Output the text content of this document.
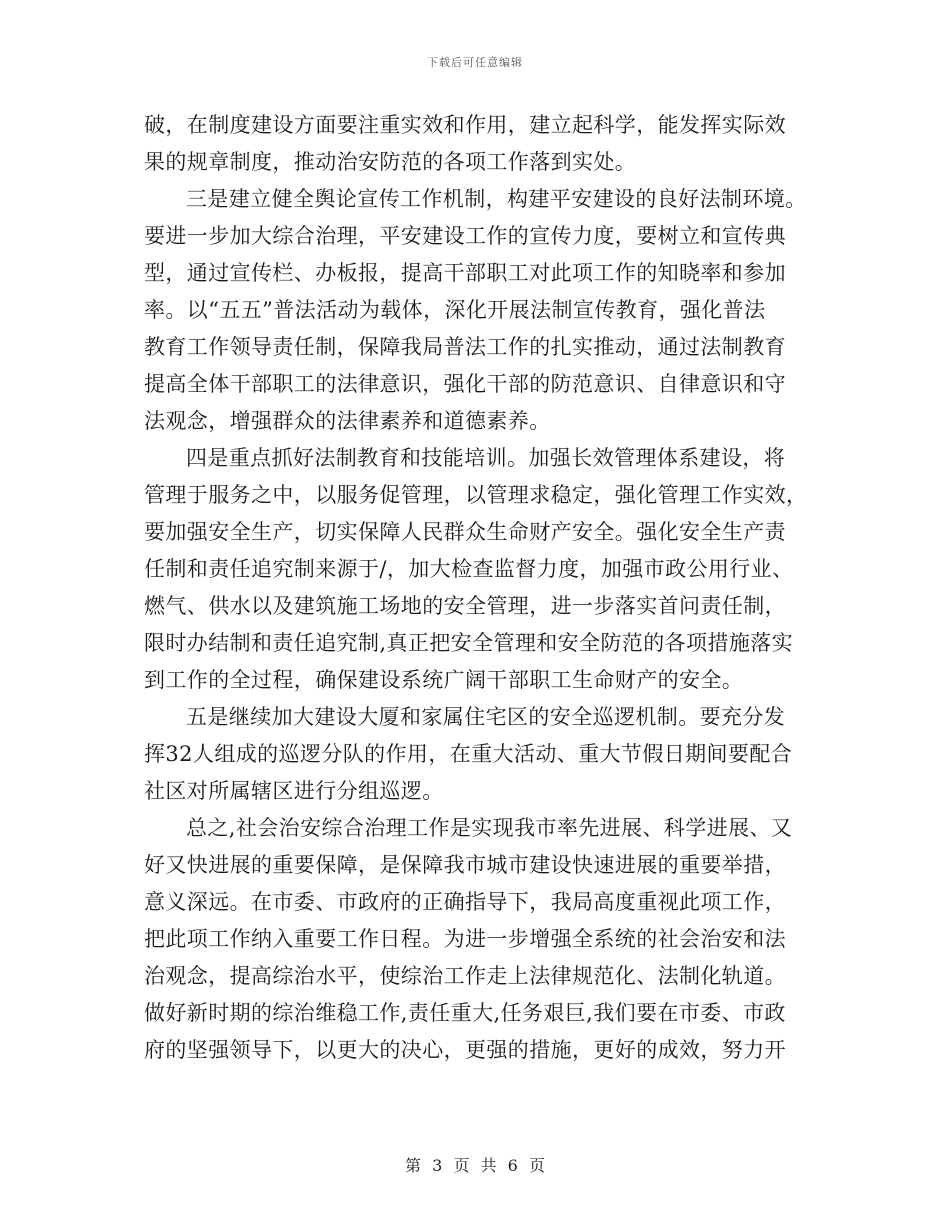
下载后可任意编辑
破，在制度建设方面要注重实效和作用，建立起科学，能发挥实际效
果的规章制度，推动治安防范的各项工作落到实处。
三是建立健全舆论宣传工作机制，构建平安建设的良好法制环境。
要进一步加大综合治理，平安建设工作的宣传力度，要树立和宣传典
型，通过宣传栏、办板报，提高干部职工对此项工作的知晓率和参加
率。以“五五”普法活动为载体，深化开展法制宣传教育，强化普法
教育工作领导责任制，保障我局普法工作的扎实推动，通过法制教育
提高全体干部职工的法律意识，强化干部的防范意识、自律意识和守
法观念，增强群众的法律素养和道德素养。
四是重点抓好法制教育和技能培训。加强长效管理体系建设，将
管理于服务之中，以服务促管理，以管理求稳定，强化管理工作实效，
要加强安全生产，切实保障人民群众生命财产安全。强化安全生产责
任制和责任追究制来源于/，加大检查监督力度，加强市政公用行业、
燃气、供水以及建筑施工场地的安全管理，进一步落实首问责任制，
限时办结制和责任追究制,真正把安全管理和安全防范的各项措施落实
到工作的全过程，确保建设系统广阔干部职工生命财产的安全。
五是继续加大建设大厦和家属住宅区的安全巡逻机制。要充分发
挥32人组成的巡逻分队的作用，在重大活动、重大节假日期间要配合
社区对所属辖区进行分组巡逻。
总之,社会治安综合治理工作是实现我市率先进展、科学进展、又
好又快进展的重要保障，是保障我市城市建设快速进展的重要举措，
意义深远。在市委、市政府的正确指导下，我局高度重视此项工作，
把此项工作纳入重要工作日程。为进一步增强全系统的社会治安和法
治观念，提高综治水平，使综治工作走上法律规范化、法制化轨道。
做好新时期的综治维稳工作,责任重大,任务艰巨,我们要在市委、市政
府的坚强领导下，以更大的决心，更强的措施，更好的成效，努力开
第 3 页 共 6 页
